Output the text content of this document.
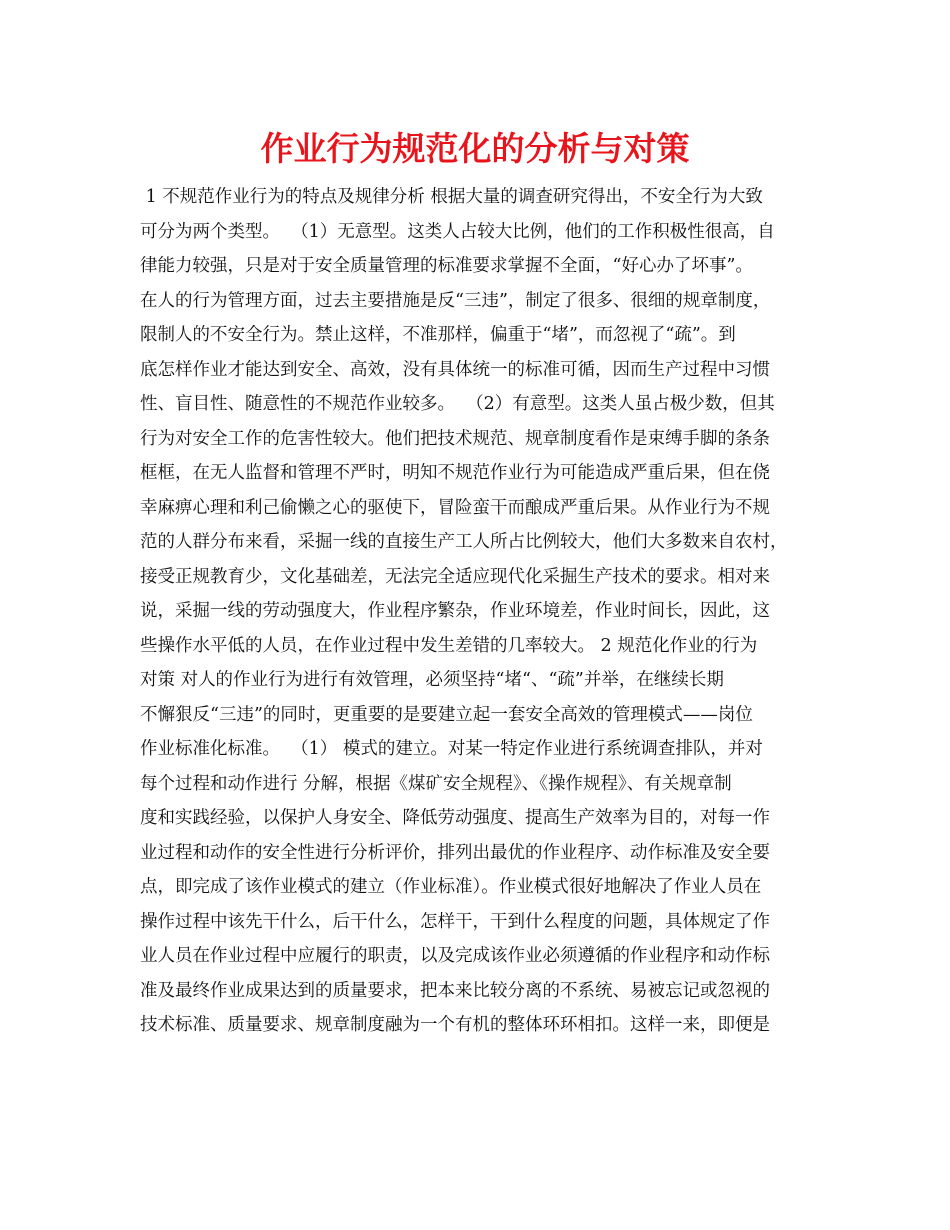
作业行为规范化的分析与对策
1 不规范作业行为的特点及规律分析 根据大量的调查研究得出，不安全行为大致
可分为两个类型。  （1）无意型。这类人占较大比例，他们的工作积极性很高，自
律能力较强，只是对于安全质量管理的标准要求掌握不全面，“好心办了坏事”。
在人的行为管理方面，过去主要措施是反“三违”，制定了很多、很细的规章制度，
限制人的不安全行为。禁止这样，不准那样，偏重于“堵”，而忽视了“疏”。到
底怎样作业才能达到安全、高效，没有具体统一的标准可循，因而生产过程中习惯
性、盲目性、随意性的不规范作业较多。  （2）有意型。这类人虽占极少数，但其
行为对安全工作的危害性较大。他们把技术规范、规章制度看作是束缚手脚的条条
框框，在无人监督和管理不严时，明知不规范作业行为可能造成严重后果，但在侥
幸麻痹心理和利己偷懒之心的驱使下，冒险蛮干而酿成严重后果。从作业行为不规
范的人群分布来看，采掘一线的直接生产工人所占比例较大，他们大多数来自农村，
接受正规教育少，文化基础差，无法完全适应现代化采掘生产技术的要求。相对来
说，采掘一线的劳动强度大，作业程序繁杂，作业环境差，作业时间长，因此，这
些操作水平低的人员，在作业过程中发生差错的几率较大。 2 规范化作业的行为
对策 对人的作业行为进行有效管理，必须坚持“堵“、“疏”并举，在继续长期
不懈狠反“三违”的同时，更重要的是要建立起一套安全高效的管理模式——岗位
作业标准化标准。  （1） 模式的建立。对某一特定作业进行系统调查排队，并对
每个过程和动作进行 分解，根据《煤矿安全规程》、《操作规程》、有关规章制
度和实践经验，以保护人身安全、降低劳动强度、提高生产效率为目的，对每一作
业过程和动作的安全性进行分析评价，排列出最优的作业程序、动作标准及安全要
点，即完成了该作业模式的建立（作业标准）。作业模式很好地解决了作业人员在
操作过程中该先干什么，后干什么，怎样干，干到什么程度的问题，具体规定了作
业人员在作业过程中应履行的职责，以及完成该作业必须遵循的作业程序和动作标
准及最终作业成果达到的质量要求，把本来比较分离的不系统、易被忘记或忽视的
技术标准、质量要求、规章制度融为一个有机的整体环环相扣。这样一来，即便是
